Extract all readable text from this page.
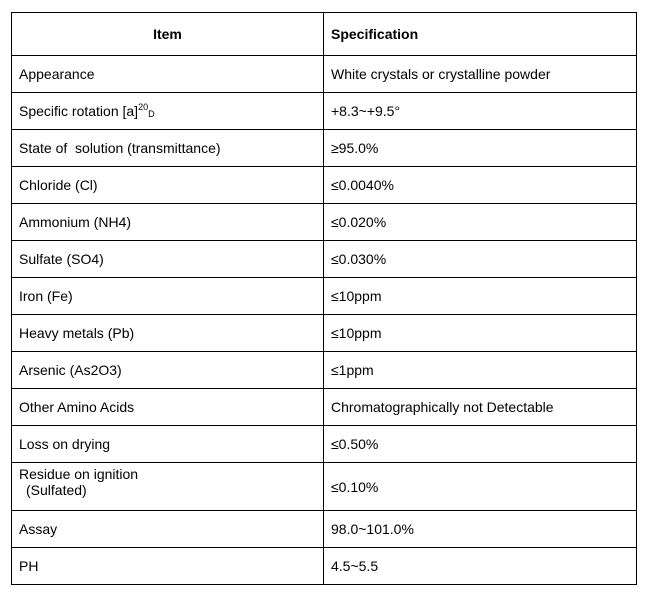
Item	Specification
Appearance	White crystals or crystalline powder
Specific rotation $[a]^{20}D$	+8.3~+9.5°
State of  solution (transmittance)	≥95.0%
Chloride (Cl)	≤0.0040%
Ammonium (NH4)	≤0.020%
Sulfate (SO4)	≤0.030%
Iron (Fe)	≤10ppm
Heavy metals (Pb)	≤10ppm
Arsenic (As2O3)	≤1ppm
Other Amino Acids	Chromatographically not Detectable
Loss on drying	≤0.50%
Residue on ignition
(Sulfated)	≤0.10%
Assay	98.0~101.0%
PH	4.5~5.5
